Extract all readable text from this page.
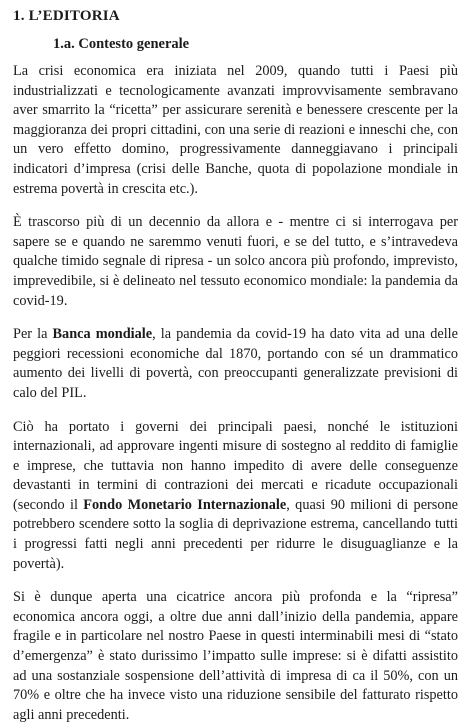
1. L’EDITORIA
1.a. Contesto generale

La crisi economica era iniziata nel 2009, quando tutti i Paesi più industrializzati e tecnologicamente avanzati improvvisamente sembravano aver smarrito la “ricetta” per assicurare serenità e benessere crescente per la maggioranza dei propri cittadini, con una serie di reazioni e inneschi che, con un vero effetto domino, progressivamente danneggiavano i principali indicatori d’impresa (crisi delle Banche, quota di popolazione mondiale in estrema povertà in crescita etc.).

È trascorso più di un decennio da allora e - mentre ci si interrogava per sapere se e quando ne saremmo venuti fuori, e se del tutto, e s’intravedeva qualche timido segnale di ripresa - un solco ancora più profondo, imprevisto, imprevedibile, si è delineato nel tessuto economico mondiale: la pandemia da covid-19.

Per la Banca mondiale, la pandemia da covid-19 ha dato vita ad una delle peggiori recessioni economiche dal 1870, portando con sé un drammatico aumento dei livelli di povertà, con preoccupanti generalizzate previsioni di calo del PIL.

Ciò ha portato i governi dei principali paesi, nonché le istituzioni internazionali, ad approvare ingenti misure di sostegno al reddito di famiglie e imprese, che tuttavia non hanno impedito di avere delle conseguenze devastanti in termini di contrazioni dei mercati e ricadute occupazionali (secondo il Fondo Monetario Internazionale, quasi 90 milioni di persone potrebbero scendere sotto la soglia di deprivazione estrema, cancellando tutti i progressi fatti negli anni precedenti per ridurre le disuguaglianze e la povertà).

Si è dunque aperta una cicatrice ancora più profonda e la “ripresa” economica ancora oggi, a oltre due anni dall’inizio della pandemia, appare fragile e in particolare nel nostro Paese in questi interminabili mesi di “stato d’emergenza” è stato durissimo l’impatto sulle imprese: si è difatti assistito ad una sostanziale sospensione dell’attività di impresa di ca il 50%, con un 70% e oltre che ha invece visto una riduzione sensibile del fatturato rispetto agli anni precedenti.
